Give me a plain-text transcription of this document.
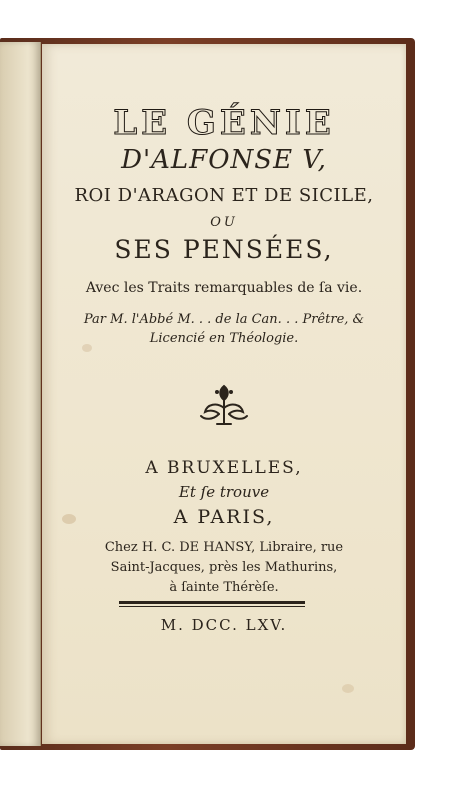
LE GÉNIE
D'ALFONSE V,
ROI D'ARAGON ET DE SICILE,
OU
SES PENSÉES,
Avec les Traits remarquables de ſa vie.
Par M. l'Abbé M. . . de la Can. . . Prêtre, &
Licencié en Théologie.
A BRUXELLES,
Et ſe trouve
A PARIS,
Chez H. C. DE HANSY, Libraire, rue
Saint-Jacques, près les Mathurins,
à ſainte Thérèſe.
M. DCC. LXV.
